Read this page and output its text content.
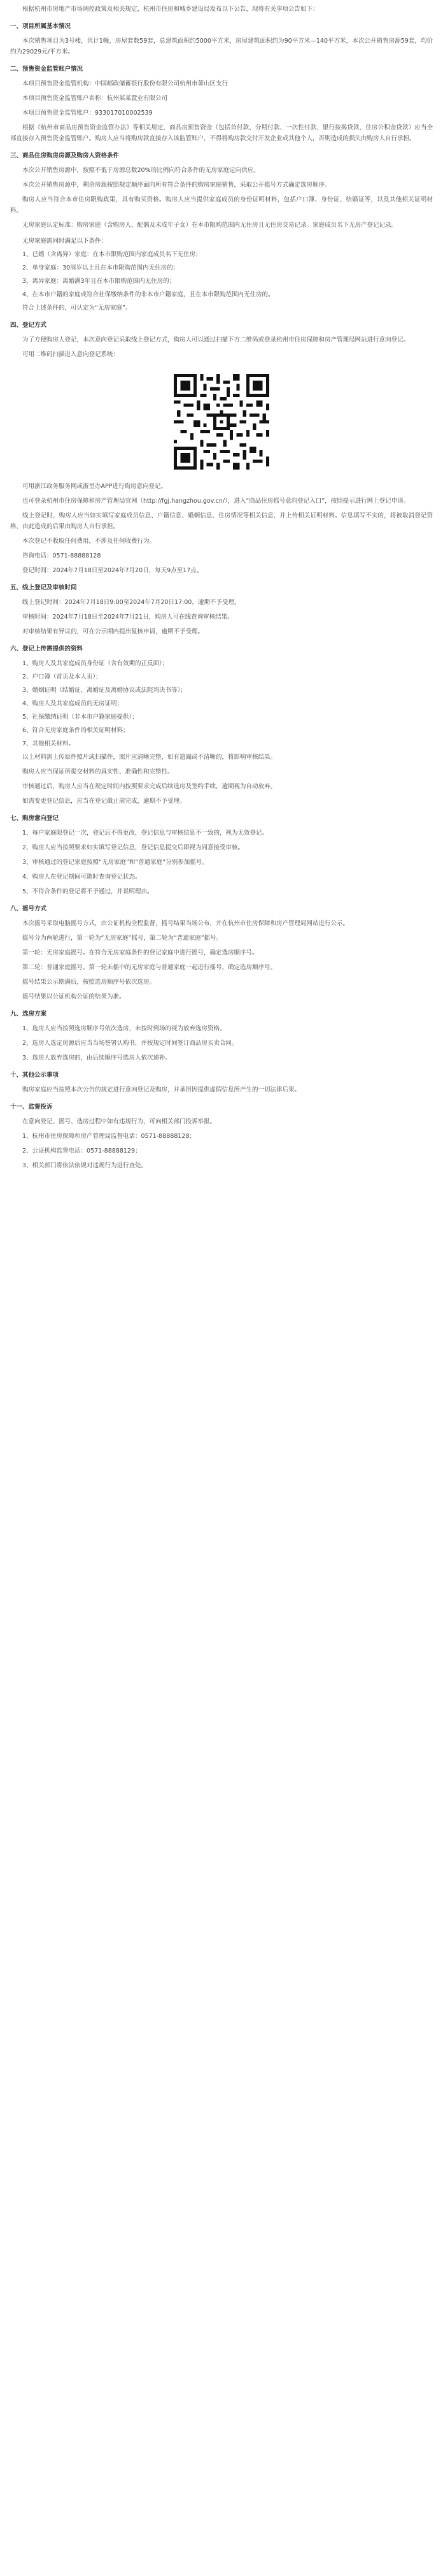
根据杭州市房地产市场调控政策及相关规定，杭州市住房和城乡建设局发布以下公告，现将有关事项公告如下：

一、项目所属基本情况

本次销售项目为3号楼，共计1幢，房屋套数59套，总建筑面积约5000平方米，房屋建筑面积约为90平方米—140平方米，本次公开销售房源59套，均价约为29029元/平方米。

二、预售资金监管账户情况

本项目预售资金监管机构：中国邮政储蓄银行股份有限公司杭州市萧山区支行

本项目预售资金监管账户名称：杭州某某置业有限公司

本项目预售资金监管账户：933017010002539

根据《杭州市商品房预售资金监管办法》等相关规定，商品房预售资金（包括首付款、分期付款、一次性付款、银行按揭贷款、住房公积金贷款）应当全部直接存入预售资金监管账户。购房人应当将购房款直接存入该监管账户，不得将购房款交付开发企业或其他个人，否则造成的损失由购房人自行承担。

三、商品住房购房房源及购房人资格条件

本次公开销售房源中，按照不低于房源总数20%的比例向符合条件的无房家庭定向供应。

本次公开销售房源中，剩余房源按照规定顺序面向所有符合条件的购房家庭销售，采取公开摇号方式确定选房顺序。

购房人应当符合本市住房限购政策，具有购买资格。购房人应当提供家庭成员的身份证明材料，包括户口簿、身份证、结婚证等，以及其他相关证明材料。

无房家庭认定标准：购房家庭（含购房人、配偶及未成年子女）在本市限购范围内无住房且无住房交易记录。家庭成员名下无房产登记记录。

无房家庭需同时满足以下条件：

1、已婚（含离异）家庭：在本市限购范围内家庭成员名下无住房；

2、单身家庭：30周岁以上且在本市限购范围内无住房的；

3、离异家庭：离婚满3年且在本市限购范围内无住房的；

4、在本市户籍的家庭或符合社保缴纳条件的非本市户籍家庭，且在本市限购范围内无住房的。

符合上述条件的，可认定为“无房家庭”。

四、登记方式

为了方便购房人登记，本次意向登记采取线上登记方式，购房人可以通过扫描下方二维码或登录杭州市住房保障和房产管理局网站进行意向登记。

可用二维码扫描进入意向登记系统：

可用浙江政务服务网或浙里办APP进行购房意向登记。

也可登录杭州市住房保障和房产管理局官网（http://fgj.hangzhou.gov.cn/），进入“商品住房摇号意向登记入口”，按照提示进行网上登记申请。

线上登记时，购房人应当如实填写家庭成员信息、户籍信息、婚姻信息、住房情况等相关信息，并上传相关证明材料。信息填写不实的，将被取消登记资格，由此造成的后果由购房人自行承担。

本次登记不收取任何费用，不涉及任何收费行为。

咨询电话：0571-88888128

登记时间：2024年7月18日至2024年7月20日，每天9点至17点。

五、线上登记及审核时间

线上登记时间：2024年7月18日9:00至2024年7月20日17:00，逾期不予受理。

审核时间：2024年7月18日至2024年7月21日，购房人可在线查询审核结果。

对审核结果有异议的，可在公示期内提出复核申请，逾期不予受理。

六、登记上传需提供的资料

1、购房人及其家庭成员身份证（含有效期的正反面）；

2、户口簿（首页及本人页）；

3、婚姻证明（结婚证、离婚证及离婚协议或法院判决书等）；

4、购房人及其家庭成员的无房证明；

5、社保缴纳证明（非本市户籍家庭提供）；

6、符合无房家庭条件的相关证明材料；

7、其他相关材料。

以上材料需上传原件照片或扫描件，照片应清晰完整，如有遗漏或不清晰的，将影响审核结果。

购房人应当保证所提交材料的真实性、准确性和完整性。

审核通过后，购房人应当在规定时间内按照要求完成后续选房及签约手续，逾期视为自动放弃。

如需变更登记信息，应当在登记截止前完成，逾期不予受理。

七、购房意向登记

1、每户家庭限登记一次，登记后不得更改，登记信息与审核信息不一致的，视为无效登记。

2、购房人应当按照要求如实填写登记信息，登记信息提交后即视为同意接受审核。

3、审核通过的登记家庭按照“无房家庭”和“普通家庭”分别参加摇号。

4、购房人在登记期间可随时查询登记状态。

5、不符合条件的登记将不予通过，并说明理由。

八、摇号方式

本次摇号采取电脑摇号方式，由公证机构全程监督，摇号结果当场公布，并在杭州市住房保障和房产管理局网站进行公示。

摇号分为两轮进行，第一轮为“无房家庭”摇号，第二轮为“普通家庭”摇号。

第一轮：无房家庭摇号。在符合无房家庭条件的登记家庭中进行摇号，确定选房顺序号。

第二轮：普通家庭摇号。第一轮未摇中的无房家庭与普通家庭一起进行摇号，确定选房顺序号。

摇号结果公示期满后，按照选房顺序号依次选房。

摇号结果以公证机构公证的结果为准。

九、选房方案

1、选房人应当按照选房顺序号依次选房，未按时到场的视为放弃选房资格。

2、选房人选定房源后应当当场签署认购书，并按规定时间签订商品房买卖合同。

3、选房人放弃选房的，由后续顺序号选房人依次递补。

十、其他公示事项

购房家庭应当按照本次公告的规定进行意向登记及购房，并承担因提供虚假信息所产生的一切法律后果。

十一、监督投诉

在意向登记、摇号、选房过程中如有违规行为，可向相关部门投诉举报。

1、杭州市住房保障和房产管理局监督电话：0571-88888128；

2、公证机构监督电话：0571-88888129；

3、相关部门将依法依规对违规行为进行查处。
